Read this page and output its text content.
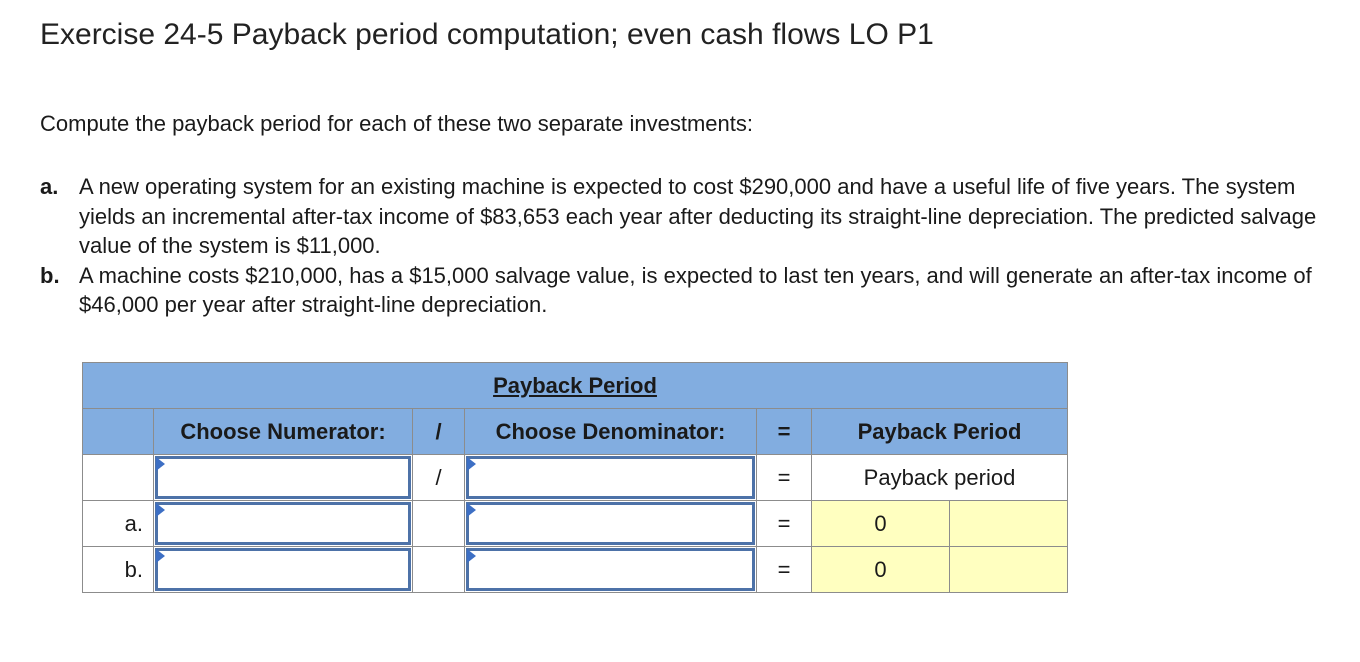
Exercise 24-5 Payback period computation; even cash flows LO P1

Compute the payback period for each of these two separate investments:

a. A new operating system for an existing machine is expected to cost $290,000 and have a useful life of five years. The system yields an incremental after-tax income of $83,653 each year after deducting its straight-line depreciation. The predicted salvage value of the system is $11,000.
b. A machine costs $210,000, has a $15,000 salvage value, is expected to last ten years, and will generate an after-tax income of $46,000 per year after straight-line depreciation.
Payback Period						
	Choose Numerator:	/	Choose Denominator:	=	Payback Period	

	/		=	Payback period	
a.				=	0	
b.				=	0	
